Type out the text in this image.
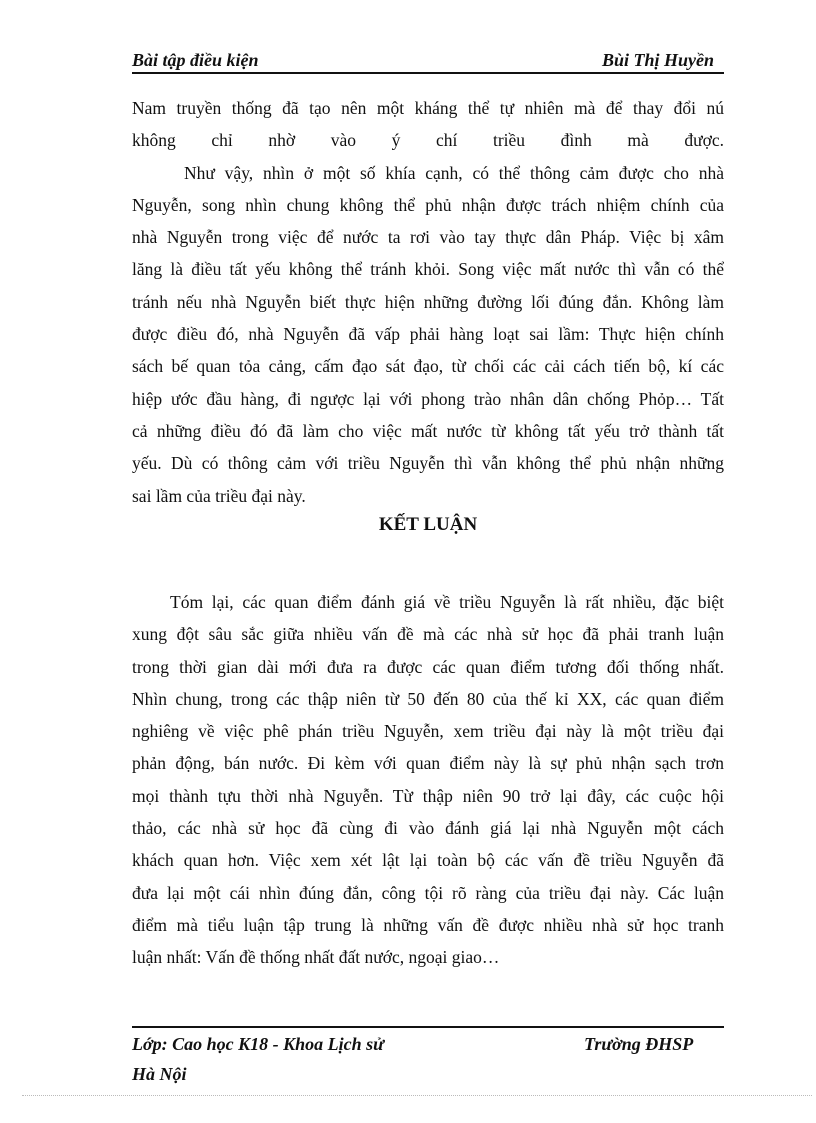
Bài tập điều kiện	Bùi Thị Huyền
Nam truyền thống đã tạo nên một kháng thể tự nhiên mà để thay đổi nú
không chỉ nhờ vào ý chí triều đình mà được.
Như vậy, nhìn ở một số khía cạnh, có thể thông cảm được cho nhà
Nguyễn, song nhìn chung không thể phủ nhận được trách nhiệm chính của
nhà Nguyễn trong việc để nước ta rơi vào tay thực dân Pháp. Việc bị xâm
lăng là điều tất yếu không thể tránh khỏi. Song việc mất nước thì vẫn có thể
tránh nếu nhà Nguyễn biết thực hiện những đường lối đúng đắn. Không làm
được điều đó, nhà Nguyễn đã vấp phải hàng loạt sai lầm: Thực hiện chính
sách bế quan tỏa cảng, cấm đạo sát đạo, từ chối các cải cách tiến bộ, kí các
hiệp ước đầu hàng, đi ngược lại với phong trào nhân dân chống Phỏp… Tất
cả những điều đó đã làm cho việc mất nước từ không tất yếu trở thành tất
yếu. Dù có thông cảm với triều Nguyễn thì vẫn không thể phủ nhận những
sai lầm của triều đại này.
KẾT LUẬN
Tóm lại, các quan điểm đánh giá về triều Nguyễn là rất nhiều, đặc biệt
xung đột sâu sắc giữa nhiều vấn đề mà các nhà sử học đã phải tranh luận
trong thời gian dài mới đưa ra được các quan điểm tương đối thống nhất.
Nhìn chung, trong các thập niên từ 50 đến 80 của thế kỉ XX, các quan điểm
nghiêng về việc phê phán triều Nguyễn, xem triều đại này là một triều đại
phản động, bán nước. Đi kèm với quan điểm này là sự phủ nhận sạch trơn
mọi thành tựu thời nhà Nguyễn. Từ thập niên 90 trở lại đây, các cuộc hội
thảo, các nhà sử học đã cùng đi vào đánh giá lại nhà Nguyễn một cách
khách quan hơn. Việc xem xét lật lại toàn bộ các vấn đề triều Nguyễn đã
đưa lại một cái nhìn đúng đắn, công tội rõ ràng của triều đại này. Các luận
điểm mà tiểu luận tập trung là những vấn đề được nhiều nhà sử học tranh
luận nhất: Vấn đề thống nhất đất nước, ngoại giao…
Lớp: Cao học K18 - Khoa Lịch sử	Trường ĐHSP
Hà Nội
